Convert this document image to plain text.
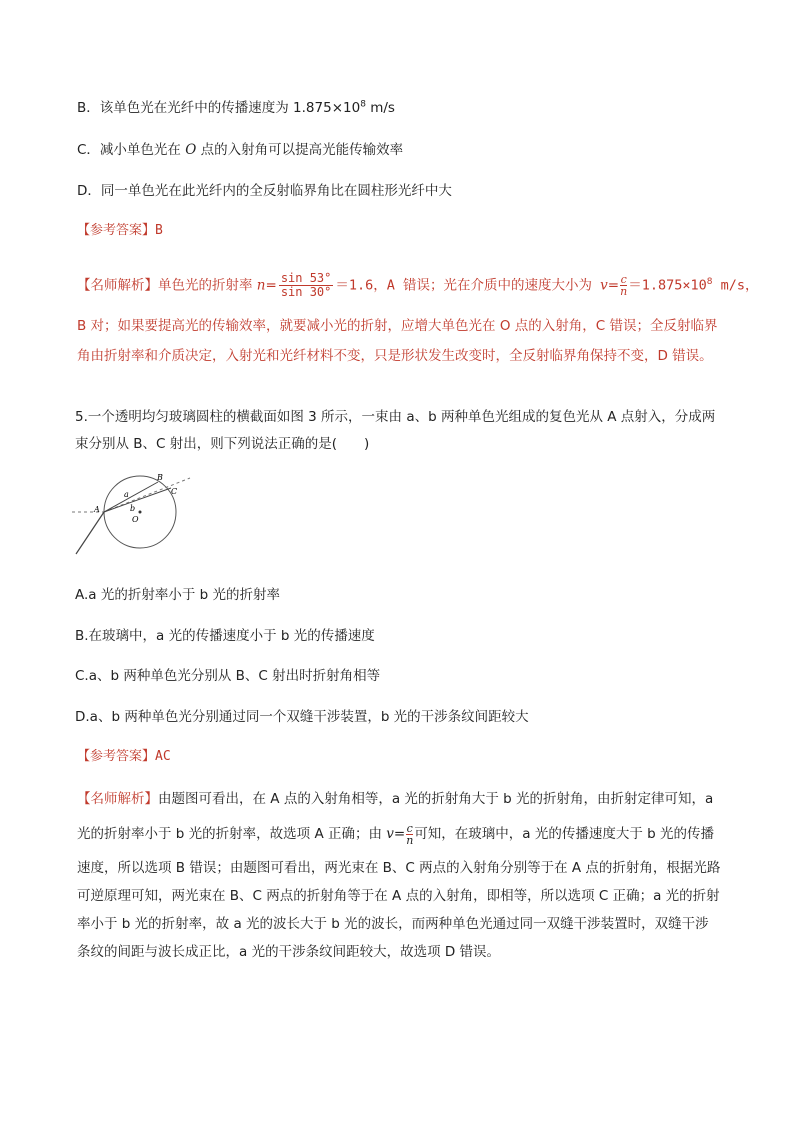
B．该单色光在光纤中的传播速度为 $1.875\times 10^8$ m/s
C．减小单色光在 O 点的入射角可以提高光能传输效率
D．同一单色光在此光纤内的全反射临界角比在圆柱形光纤中大
【参考答案】B
【名师解析】单色光的折射率 $n= \frac{\sin 53^\circ}{\sin 30^\circ} =1.6$，A 错误；光在介质中的速度大小为 $v= \frac{c}{n} =1.875\times 10^8$ m/s，
B 对；如果要提高光的传输效率，就要减小光的折射，应增大单色光在 O 点的入射角，C 错误；全反射临界
角由折射率和介质决定，入射光和光纤材料不变，只是形状发生改变时，全反射临界角保持不变，D 错误。
5.一个透明均匀玻璃圆柱的横截面如图 3 所示，一束由 a、b 两种单色光组成的复色光从 A 点射入，分成两
束分别从 B、C 射出，则下列说法正确的是(　　)
A
B
C
a
b
O
A.a 光的折射率小于 b 光的折射率
B.在玻璃中，a 光的传播速度小于 b 光的传播速度
C.a、b 两种单色光分别从 B、C 射出时折射角相等
D.a、b 两种单色光分别通过同一个双缝干涉装置，b 光的干涉条纹间距较大
【参考答案】AC
【名师解析】由题图可看出，在 A 点的入射角相等，a 光的折射角大于 b 光的折射角，由折射定律可知，a
光的折射率小于 b 光的折射率，故选项 A 正确；由 $v= \frac{c}{n}$ 可知，在玻璃中，a 光的传播速度大于 b 光的传播
速度，所以选项 B 错误；由题图可看出，两光束在 B、C 两点的入射角分别等于在 A 点的折射角，根据光路
可逆原理可知，两光束在 B、C 两点的折射角等于在 A 点的入射角，即相等，所以选项 C 正确；a 光的折射
率小于 b 光的折射率，故 a 光的波长大于 b 光的波长，而两种单色光通过同一双缝干涉装置时，双缝干涉
条纹的间距与波长成正比，a 光的干涉条纹间距较大，故选项 D 错误。
